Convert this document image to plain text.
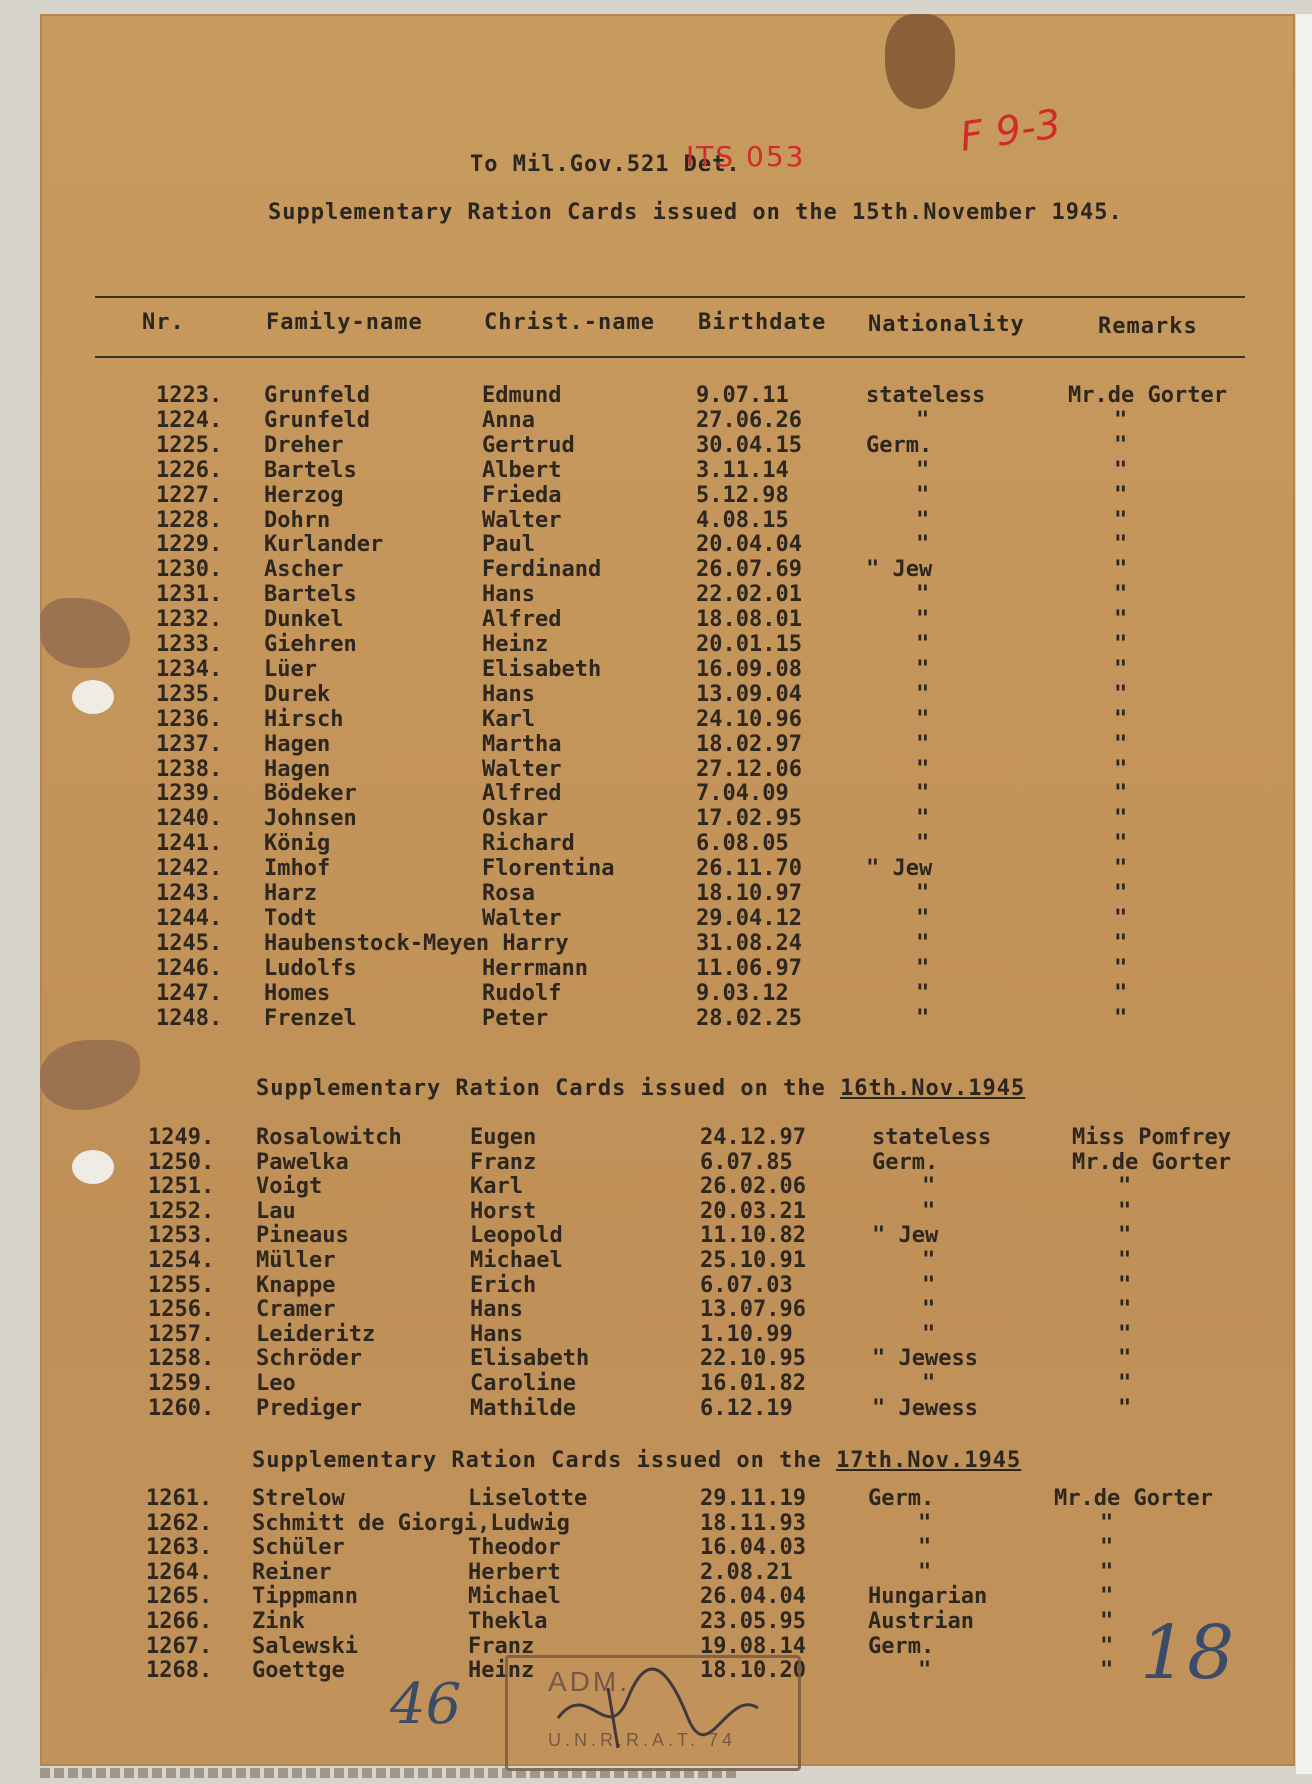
To Mil.Gov.521 Det.
ITS 053	F 9-3
Supplementary Ration Cards issued on the 15th.November 1945.
Nr.	Family-name	Christ.-name Birthdate Nationality	Remarks
1223. Grunfeld	Edmund	9.07.11	stateless	Mr.de Gorter
1224. Grunfeld	Anna	27.06.26	"	"
1225. Dreher	Gertrud	30.04.15	Germ.	"
1226. Bartels	Albert	3.11.14	"	"
1227. Herzog	Frieda	5.12.98	"	"
1228. Dohrn	Walter	4.08.15	"	"
1229. Kurlander	Paul	20.04.04	"	"
1230. Ascher	Ferdinand	26.07.69	" Jew	"
1231. Bartels	Hans	22.02.01	"	"
1232. Dunkel	Alfred	18.08.01	"	"
1233. Giehren	Heinz	20.01.15	"	"
1234. Lüer	Elisabeth	16.09.08	"	"
1235. Durek	Hans	13.09.04	"	"
1236. Hirsch	Karl	24.10.96	"	"
1237. Hagen	Martha	18.02.97	"	"
1238. Hagen	Walter	27.12.06	"	"
1239. Bödeker	Alfred	7.04.09	"	"
1240. Johnsen	Oskar	17.02.95	"	"
1241. König	Richard	6.08.05	"	"
1242. Imhof	Florentina	26.11.70	" Jew	"
1243. Harz	Rosa	18.10.97	"	"
1244. Todt	Walter	29.04.12	"	"
1245. Haubenstock-Meyen Harry	31.08.24	"	"
1246. Ludolfs	Herrmann	11.06.97	"	"
1247. Homes	Rudolf	9.03.12	"	"
1248. Frenzel	Peter	28.02.25	"	"
Supplementary Ration Cards issued on the 16th.Nov.1945
1249. Rosalowitch	Eugen	24.12.97	stateless	Miss Pomfrey
1250. Pawelka	Franz	6.07.85	Germ.	Mr.de Gorter
1251. Voigt	Karl	26.02.06	"	"
1252. Lau	Horst	20.03.21	"	"
1253. Pineaus	Leopold	11.10.82	" Jew	"
1254. Müller	Michael	25.10.91	"	"
1255. Knappe	Erich	6.07.03	"	"
1256. Cramer	Hans	13.07.96	"	"
1257. Leideritz	Hans	1.10.99	"	"
1258. Schröder	Elisabeth	22.10.95	" Jewess	"
1259. Leo	Caroline	16.01.82	"	"
1260. Prediger	Mathilde	6.12.19	" Jewess	"
Supplementary Ration Cards issued on the 17th.Nov.1945
1261. Strelow	Liselotte	29.11.19	Germ.	Mr.de Gorter
1262. Schmitt de Giorgi,Ludwig	18.11.93	"	"
1263. Schüler	Theodor	16.04.03	"	"
1264. Reiner	Herbert	2.08.21	"	"
1265. Tippmann	Michael	26.04.04	Hungarian	"
1266. Zink	Thekla	23.05.95	Austrian	"
1267. Salewski	Franz	19.08.14	Germ.	"
1268. Goettge	Heinz	18.10.20	"	"
ADM.
U.N.R.R.A.T. 74
46
18
